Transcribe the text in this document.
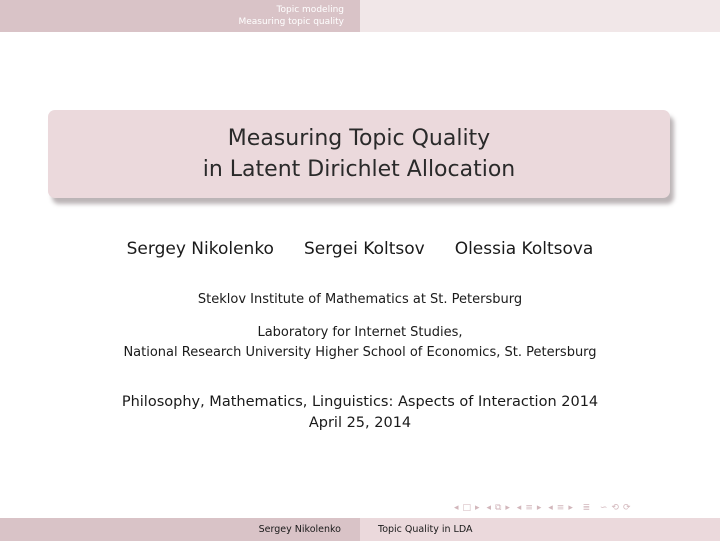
Topic modeling
Measuring topic quality
Measuring Topic Quality
in Latent Dirichlet Allocation
Sergey Nikolenko Sergei Koltsov Olessia Koltsova
Steklov Institute of Mathematics at St. Petersburg
Laboratory for Internet Studies,
National Research University Higher School of Economics, St. Petersburg
Philosophy, Mathematics, Linguistics: Aspects of Interaction 2014
April 25, 2014
◂ □ ▸ ◂ ⧉ ▸ ◂ ≡ ▸ ◂ ≡ ▸ ≣ ∽ ⟲ ⟳
Sergey Nikolenko	Topic Quality in LDA
